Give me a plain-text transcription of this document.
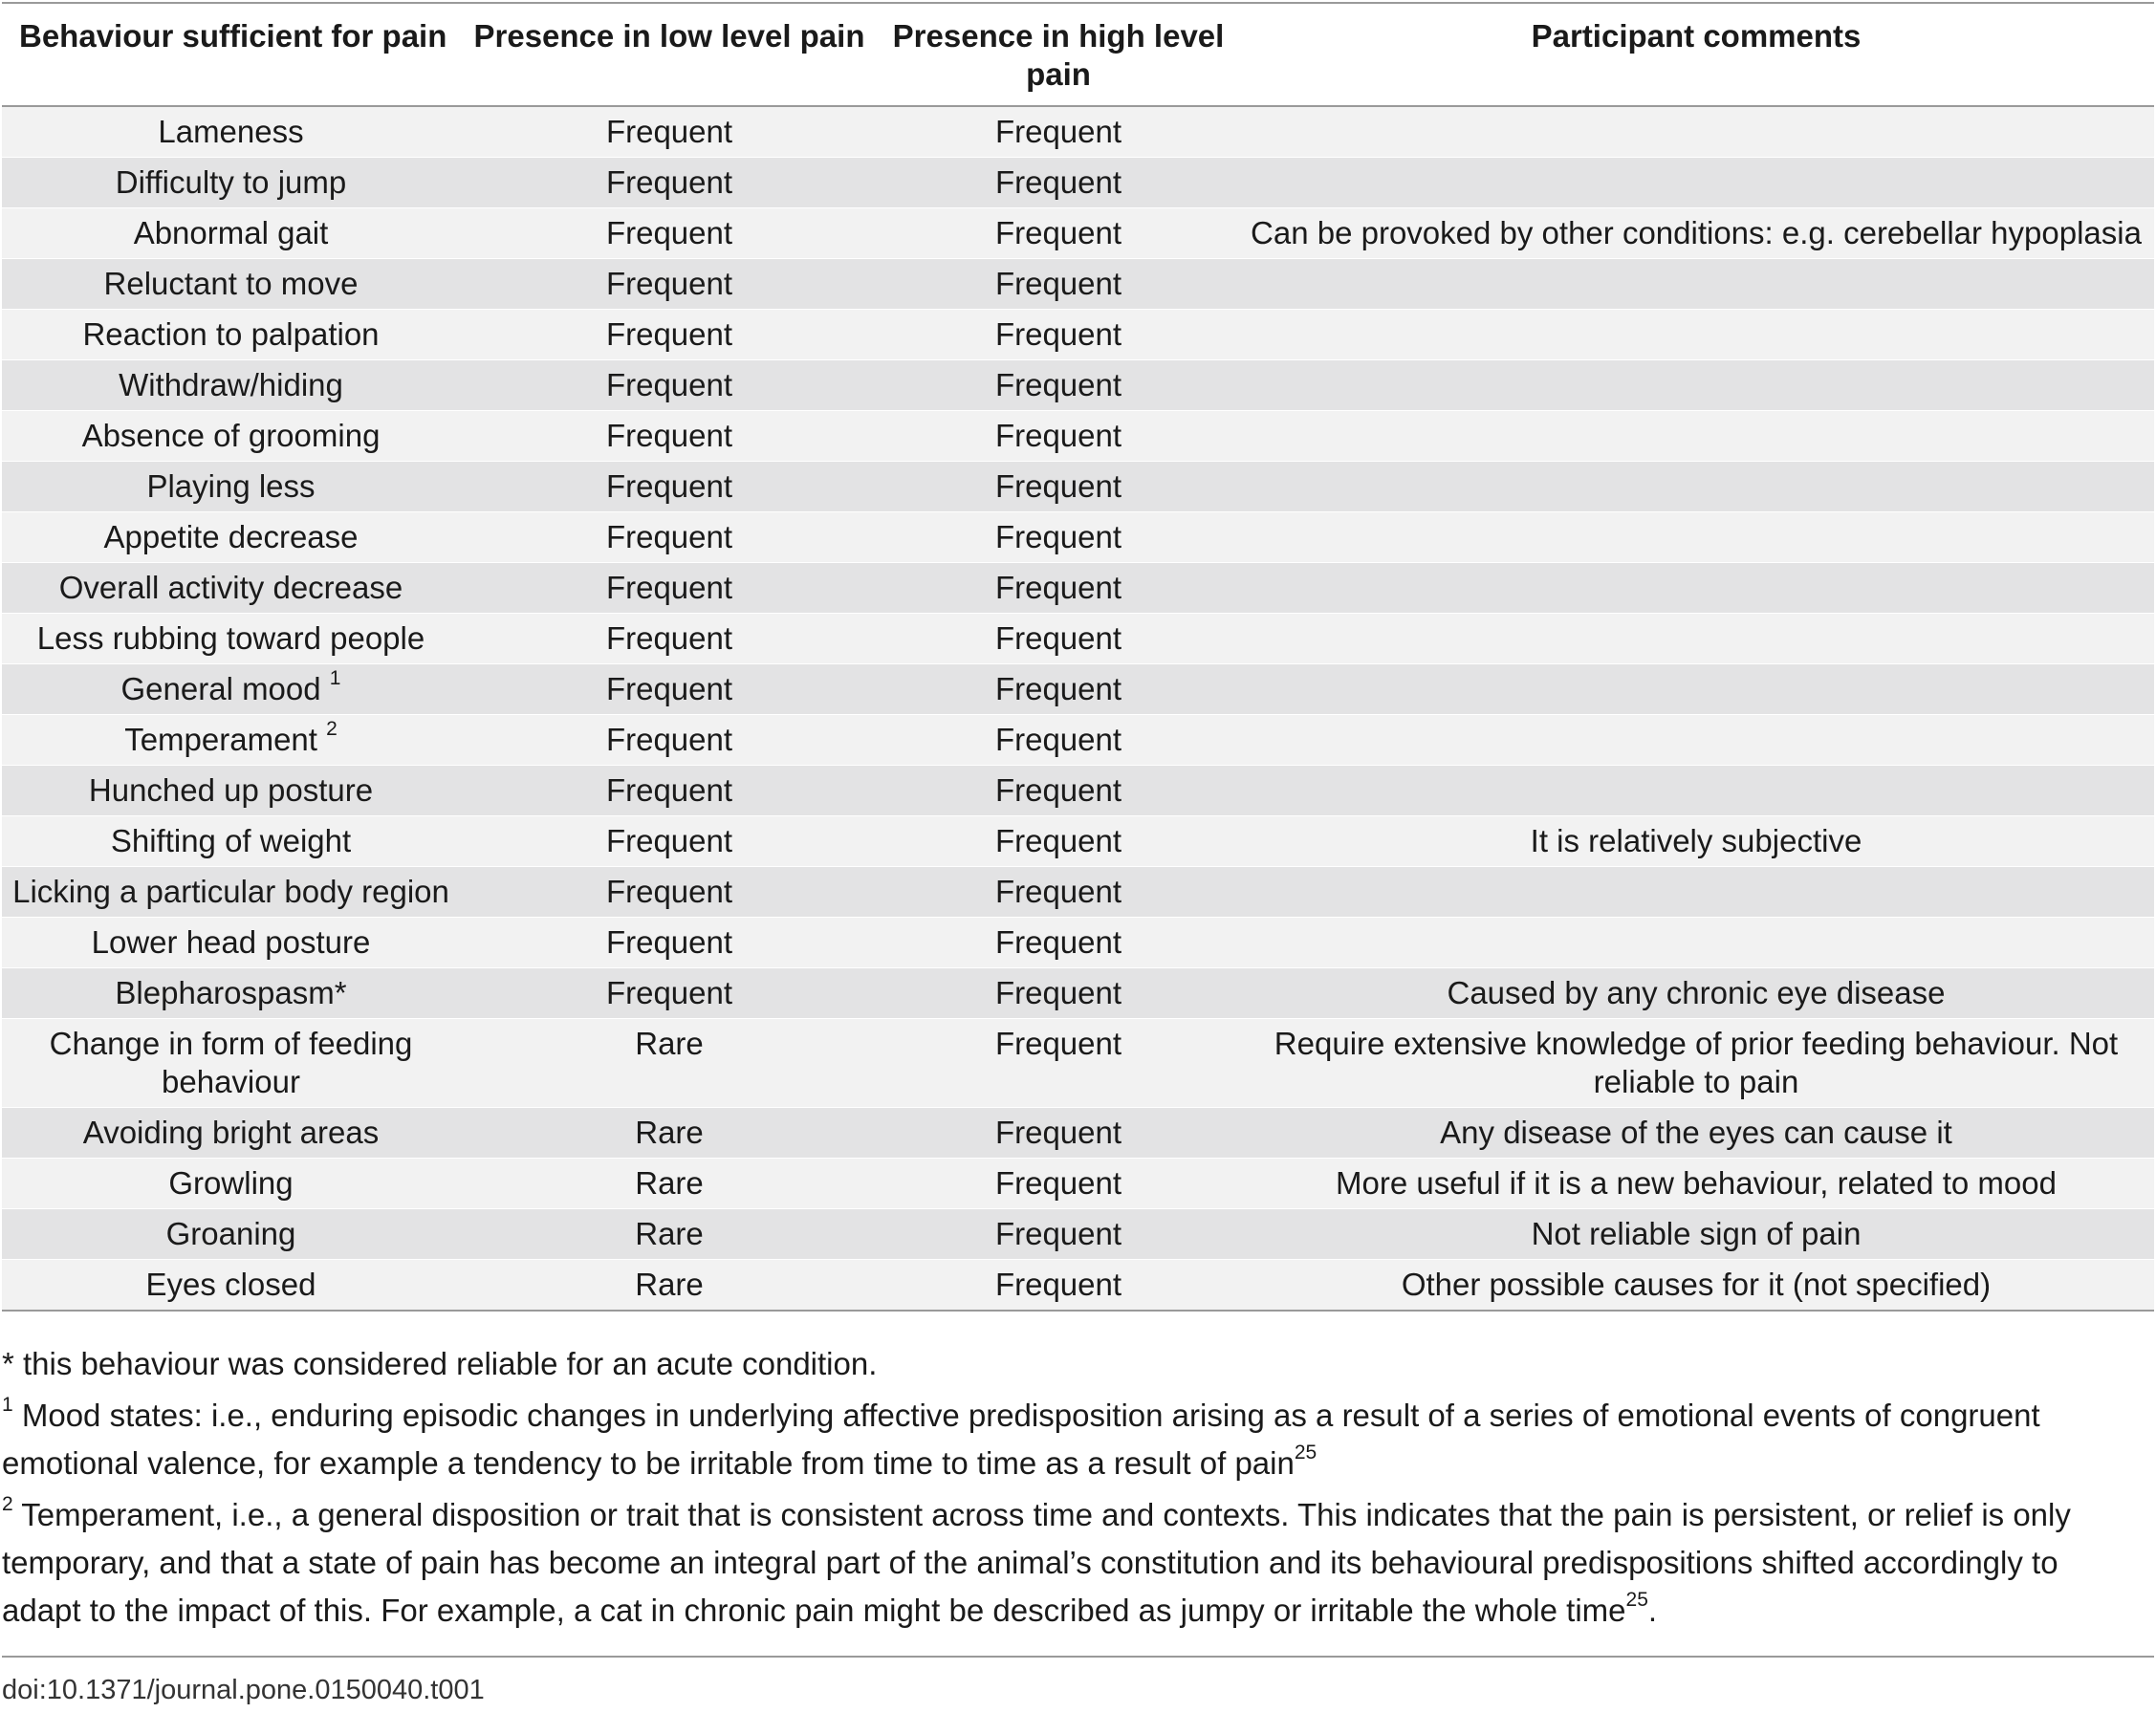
Behaviour sufficient for pain	Presence in low level pain	Presence in high level pain	Participant comments
Lameness	Frequent	Frequent	
Difficulty to jump	Frequent	Frequent	
Abnormal gait	Frequent	Frequent	Can be provoked by other conditions: e.g. cerebellar hypoplasia
Reluctant to move	Frequent	Frequent	
Reaction to palpation	Frequent	Frequent	
Withdraw/hiding	Frequent	Frequent	
Absence of grooming	Frequent	Frequent	
Playing less	Frequent	Frequent	
Appetite decrease	Frequent	Frequent	
Overall activity decrease	Frequent	Frequent	
Less rubbing toward people	Frequent	Frequent	
General mood $^1$	Frequent	Frequent	
Temperament $^2$	Frequent	Frequent	
Hunched up posture	Frequent	Frequent	
Shifting of weight	Frequent	Frequent	It is relatively subjective
Licking a particular body region	Frequent	Frequent	
Lower head posture	Frequent	Frequent	
Blepharospasm*	Frequent	Frequent	Caused by any chronic eye disease
Change in form of feeding behaviour	Rare	Frequent	Require extensive knowledge of prior feeding behaviour. Not reliable to pain
Avoiding bright areas	Rare	Frequent	Any disease of the eyes can cause it
Growling	Rare	Frequent	More useful if it is a new behaviour, related to mood
Groaning	Rare	Frequent	Not reliable sign of pain
Eyes closed	Rare	Frequent	Other possible causes for it (not specified)

* this behaviour was considered reliable for an acute condition.

$^1$ Mood states: i.e., enduring episodic changes in underlying affective predisposition arising as a result of a series of emotional events of congruent emotional valence, for example a tendency to be irritable from time to time as a result of pain$^{25}$

$^2$ Temperament, i.e., a general disposition or trait that is consistent across time and contexts. This indicates that the pain is persistent, or relief is only temporary, and that a state of pain has become an integral part of the animal’s constitution and its behavioural predispositions shifted accordingly to adapt to the impact of this. For example, a cat in chronic pain might be described as jumpy or irritable the whole time$^{25}$.

doi:10.1371/journal.pone.0150040.t001
